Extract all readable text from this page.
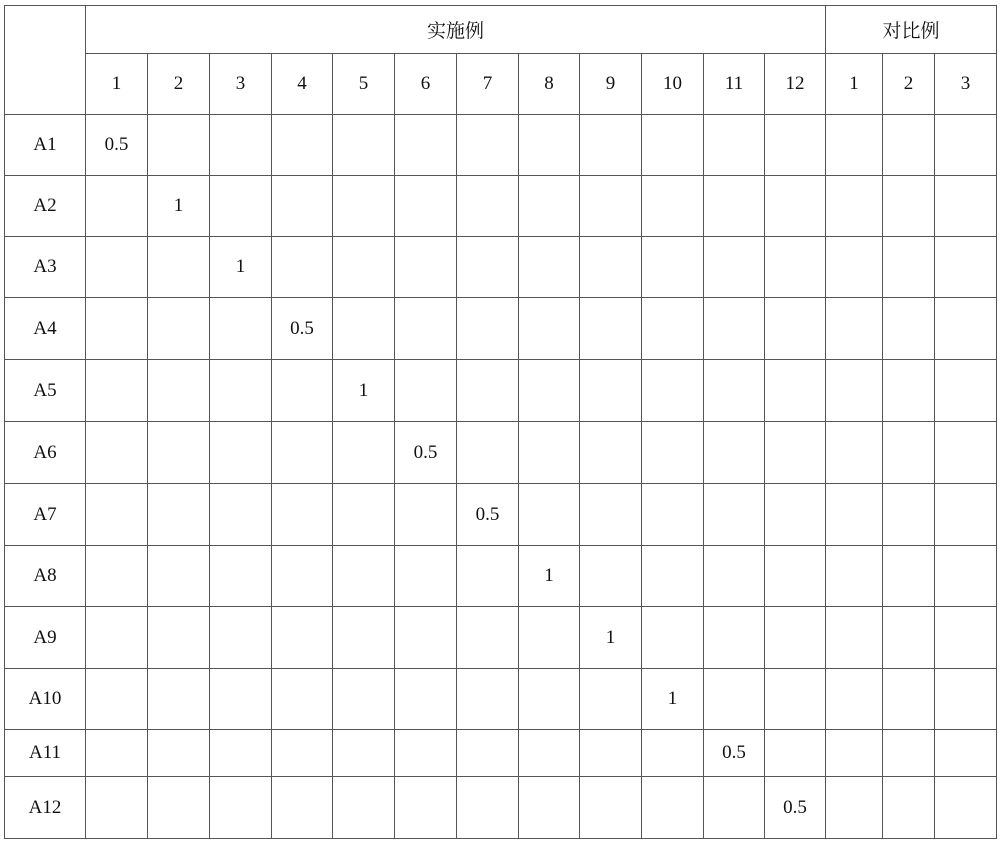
	实施例	对比例
1	2	3	4	5	6	7	8	9	10	11	12	1	2	3
A1	0.5														
A2		1													
A3			1												
A4				0.5											
A5					1										
A6						0.5									
A7							0.5								
A8								1							
A9									1						
A10										1					
A11											0.5				
A12												0.5			
